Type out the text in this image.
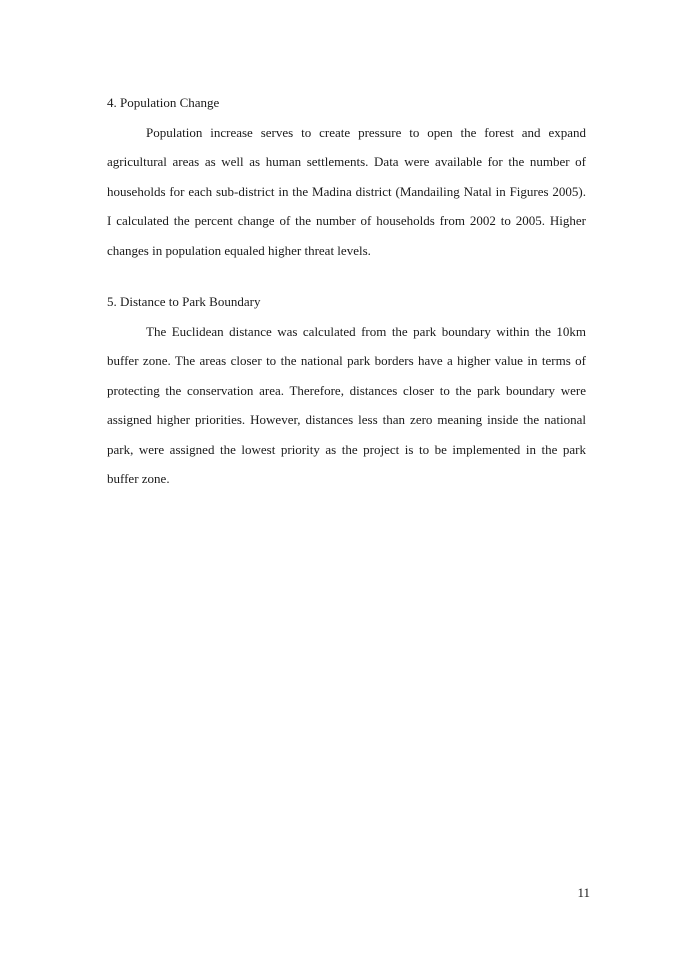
4. Population Change

Population increase serves to create pressure to open the forest and expand agricultural areas as well as human settlements. Data were available for the number of households for each sub-district in the Madina district (Mandailing Natal in Figures 2005). I calculated the percent change of the number of households from 2002 to 2005. Higher changes in population equaled higher threat levels.

5. Distance to Park Boundary

The Euclidean distance was calculated from the park boundary within the 10km buffer zone. The areas closer to the national park borders have a higher value in terms of protecting the conservation area. Therefore, distances closer to the park boundary were assigned higher priorities. However, distances less than zero meaning inside the national park, were assigned the lowest priority as the project is to be implemented in the park buffer zone.

11
